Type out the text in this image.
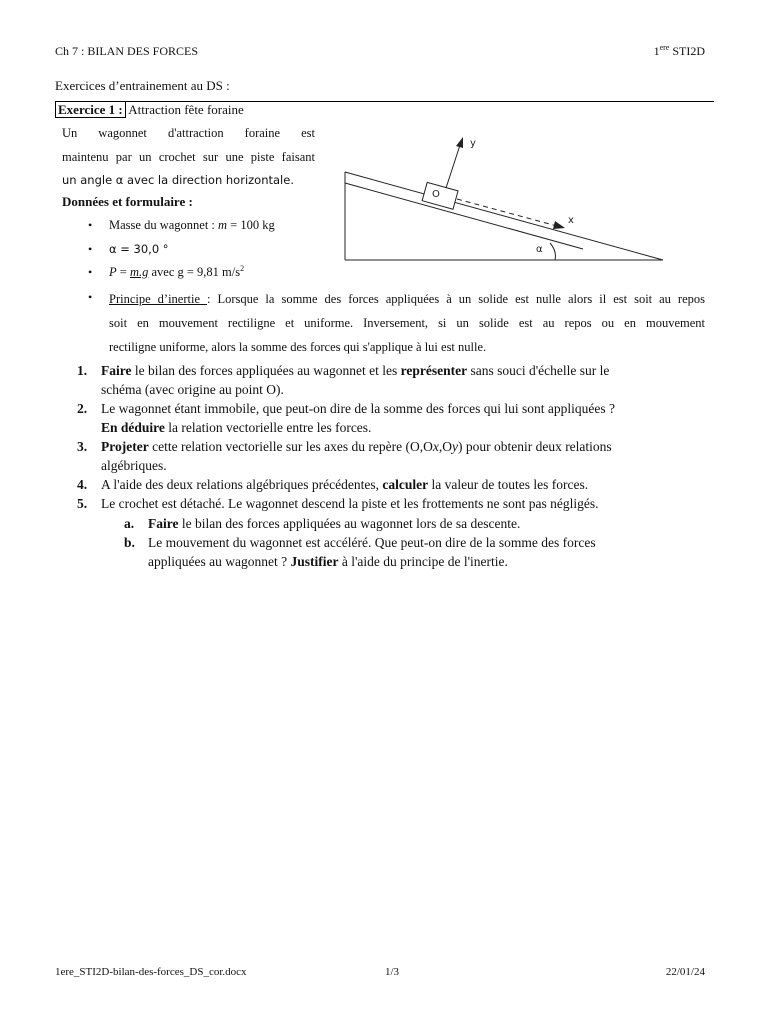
Ch 7 : BILAN DES FORCES	1ere STI2D
Exercices d’entrainement au DS :
Exercice 1 : Attraction fête foraine
Un wagonnet d'attraction foraine est
maintenu par un crochet sur une piste faisant
un angle α avec la direction horizontale.
Données et formulaire :
• Masse du wagonnet : m = 100 kg
• α = 30,0 °
• P = m.g avec g = 9,81 $m/s^2$
• Principe d’inertie : Lorsque la somme des forces appliquées à un solide est nulle alors il est soit au repos
soit en mouvement rectiligne et uniforme. Inversement, si un solide est au repos ou en mouvement
rectiligne uniforme, alors la somme des forces qui s'applique à lui est nulle.
y
x
O
α
1. Faire le bilan des forces appliquées au wagonnet et les représenter sans souci d'échelle sur le
schéma (avec origine au point O).
2. Le wagonnet étant immobile, que peut-on dire de la somme des forces qui lui sont appliquées ?
En déduire la relation vectorielle entre les forces.
3. Projeter cette relation vectorielle sur les axes du repère (O,Ox,Oy) pour obtenir deux relations
algébriques.
4. A l'aide des deux relations algébriques précédentes, calculer la valeur de toutes les forces.
5. Le crochet est détaché. Le wagonnet descend la piste et les frottements ne sont pas négligés.
a. Faire le bilan des forces appliquées au wagonnet lors de sa descente.
b. Le mouvement du wagonnet est accéléré. Que peut-on dire de la somme des forces
appliquées au wagonnet ? Justifier à l'aide du principe de l'inertie.
1ere_STI2D-bilan-des-forces_DS_cor.docx	1/3	22/01/24
